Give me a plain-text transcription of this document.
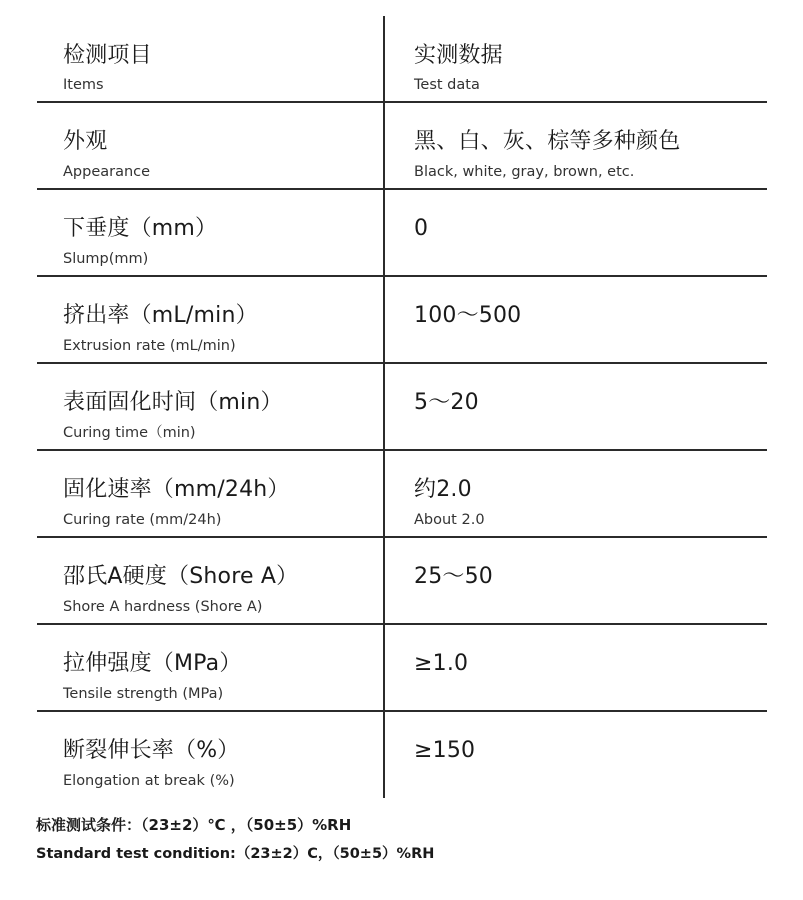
检测项目
Items
实测数据
Test data
外观
Appearance
黑、白、灰、棕等多种颜色
Black, white, gray, brown, etc.
下垂度（mm）
Slump(mm)
0
挤出率（mL/min）
Extrusion rate (mL/min)
100～500
表面固化时间（min）
Curing time（min)
5～20
固化速率（mm/24h）
Curing rate (mm/24h)
约2.0
About 2.0
邵氏A硬度（Shore A）
Shore A hardness (Shore A)
25～50
拉伸强度（MPa）
Tensile strength (MPa)
≥1.0
断裂伸长率（%）
Elongation at break (%)
≥150
标准测试条件：（23±2）℃ ，（50±5）%RH
Standard test condition:（23±2）C，（50±5）%RH
